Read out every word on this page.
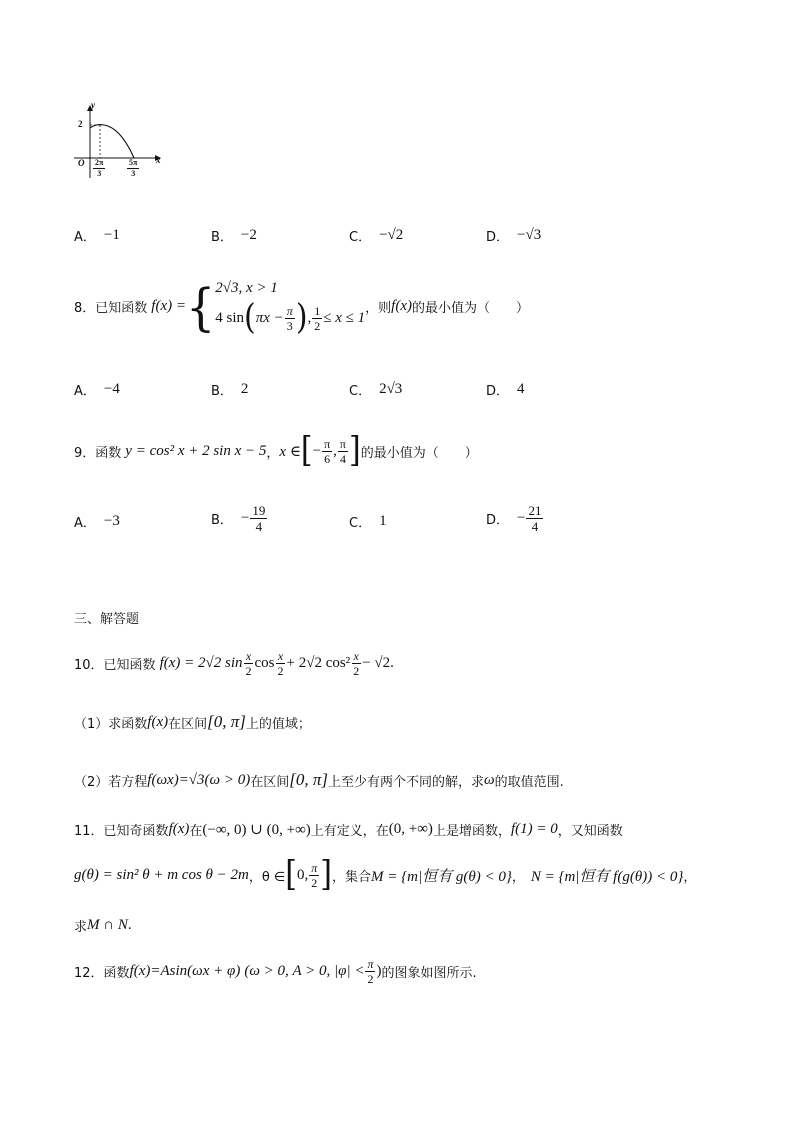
y
x
O
2
$\frac{2\pi}{3}$	$\frac{5\pi}{3}$
A． −1	B． −2	C． −√2	D． −√3
8． 已知函数 f(x) = { 2√3, x > 1
4 sin ( $\pi x - \frac{\pi}{3}$ ) , $\frac{1}{2} \le x \le 1$
，则 f(x) 的最小值为（　　）
A． −4	B． 2	C． 2√3	D． 4
9． 函数 y = cos² x + 2 sin x − 5 ， x ∈ [ − $\frac{\pi}{6}$ , $\frac{\pi}{4}$ ] 的最小值为（　　）
A． −3	B． − $\frac{19}{4}$	C． 1	D． − $\frac{21}{4}$
三、解答题
10． 已知函数 f(x) = 2√2 $\sin \frac{x}{2}$ $\cos \frac{x}{2} + 2√2$ $\cos^2 \frac{x}{2} - √2$ .
（1）求函数 f(x) 在区间 [0, π] 上的值域；
（2）若方程 f(ωx)=√3(ω > 0) 在区间 [0, π] 上至少有两个不同的解，求 ω 的取值范围.
11． 已知奇函数 f(x) 在 (−∞, 0) ∪ (0, +∞) 上有定义，在 (0, +∞) 上是增函数， f(1) = 0 ，又知函数
g(θ) = sin² θ + m cos θ − 2m ，θ ∈ [ 0, $\frac{\pi}{2}$ ] ，集合 M = {m|恒有 g(θ) < 0} ， N = {m|恒有 f(g(θ)) < 0} ，
求 M ∩ N .
12． 函数 f(x)=Asin(ωx + φ) (ω > 0, A > 0, $|\varphi| < \frac{\pi}{2}$ ) 的图象如图所示.
